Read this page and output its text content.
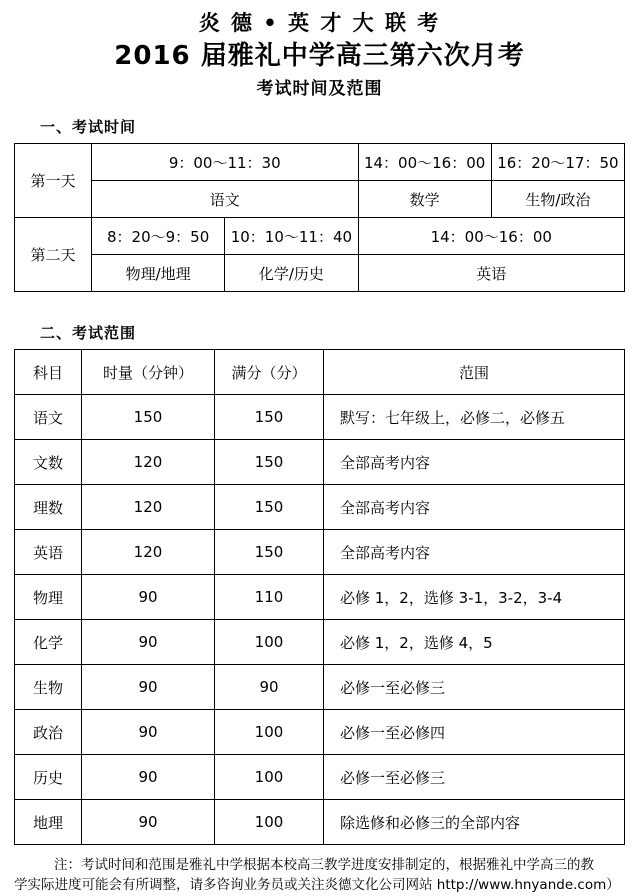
炎 德 • 英 才 大 联 考
2016 届雅礼中学高三第六次月考
考试时间及范围
一、考试时间
第一天	9：00～11：30		14：00～16：00	16：20～17：50
	语文		数学	生物/政治
第二天	8：20～9：50	10：10～11：40	14：00～16：00	
	物理/地理	化学/历史	英语	
二、考试范围
科目	时量（分钟）	满分（分）	范围
语文	150	150	默写：七年级上，必修二，必修五
文数	120	150	全部高考内容
理数	120	150	全部高考内容
英语	120	150	全部高考内容
物理	90	110	必修 1，2，选修 3-1，3-2，3-4
化学	90	100	必修 1，2，选修 4，5
生物	90	90	必修一至必修三
政治	90	100	必修一至必修四
历史	90	100	必修一至必修三
地理	90	100	除选修和必修三的全部内容
注：考试时间和范围是雅礼中学根据本校高三教学进度安排制定的，根据雅礼中学高三的教
学实际进度可能会有所调整，请多咨询业务员或关注炎德文化公司网站 http://www.hnyande.com）
